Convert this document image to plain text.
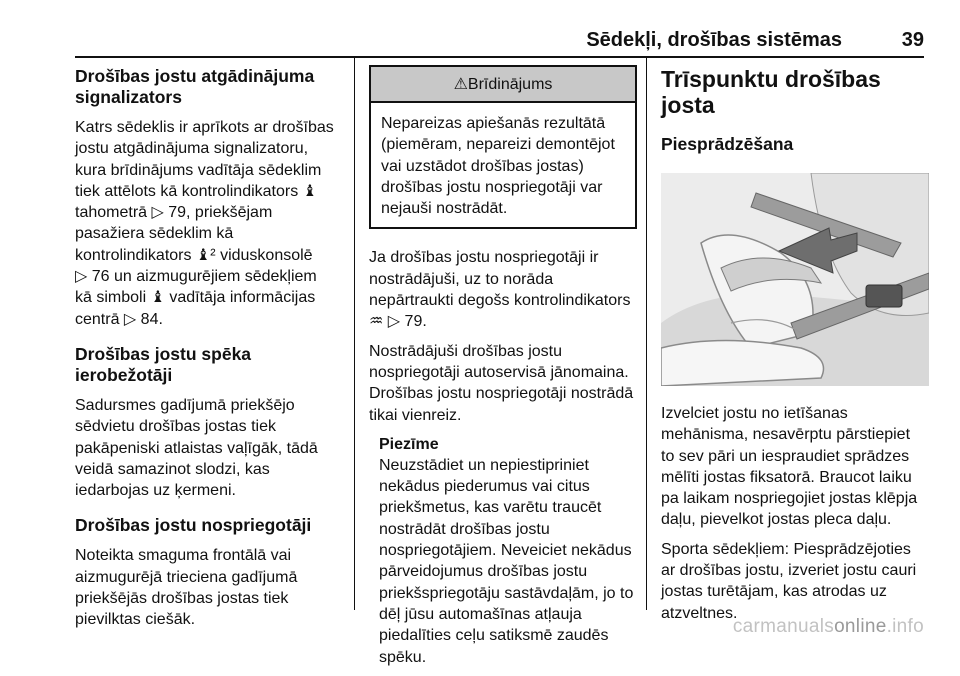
Sēdekļi, drošības sistēmas	39
Drošības jostu atgādinājuma
signalizators
Katrs sēdeklis ir aprīkots ar drošības
jostu atgādinājuma signalizatoru,
kura brīdinājums vadītāja sēdeklim
tiek attēlots kā kontrolindikators ♝
tahometrā ▷ 79, priekšējam
pasažiera sēdeklim kā
kontrolindikators ♝² viduskonsolē
▷ 76 un aizmugurējiem sēdekļiem
kā simboli ♝ vadītāja informācijas
centrā ▷ 84.
Drošības jostu spēka ierobežotāji
Sadursmes gadījumā priekšējo
sēdvietu drošības jostas tiek
pakāpeniski atlaistas vaļīgāk, tādā
veidā samazinot slodzi, kas
iedarbojas uz ķermeni.
Drošības jostu nospriegotāji
Noteikta smaguma frontālā vai
aizmugurējā trieciena gadījumā
priekšējās drošības jostas tiek
pievilktas ciešāk.
⚠Brīdinājums
Nepareizas apiešanās rezultātā
(piemēram, nepareizi demontējot
vai uzstādot drošības jostas)
drošības jostu nospriegotāji var
nejauši nostrādāt.
Ja drošības jostu nospriegotāji ir
nostrādājuši, uz to norāda
nepārtraukti degošs kontrolindikators
♒ ▷ 79.
Nostrādājuši drošības jostu
nospriegotāji autoservisā jānomaina.
Drošības jostu nospriegotāji nostrādā
tikai vienreiz.
Piezīme
Neuzstādiet un nepiestipriniet
nekādus piederumus vai citus
priekšmetus, kas varētu traucēt
nostrādāt drošības jostu
nospriegotājiem. Neveiciet nekādus
pārveidojumus drošības jostu
priekšspriegotāju sastāvdaļām, jo to
dēļ jūsu automašīnas atļauja
piedalīties ceļu satiksmē zaudēs
spēku.
Trīspunktu drošības josta
Piesprādzēšana
Izvelciet jostu no ietīšanas
mehānisma, nesavērptu pārstiepiet
to sev pāri un iespraudiet sprādzes
mēlīti jostas fiksatorā. Braucot laiku
pa laikam nospriegojiet jostas klēpja
daļu, pievelkot jostas pleca daļu.
Sporta sēdekļiem: Piesprādzējoties
ar drošības jostu, izveriet jostu cauri
jostas turētājam, kas atrodas uz
atzveltnes.
carmanualsonline.info
